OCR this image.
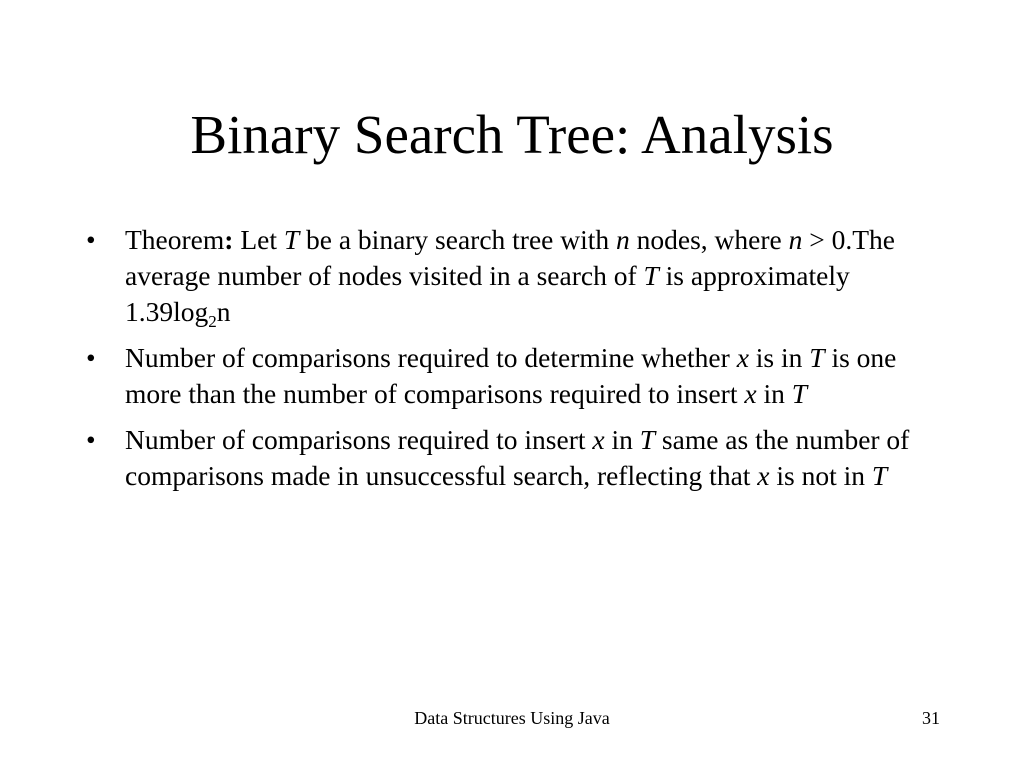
Binary Search Tree: Analysis
•	Theorem: Let T be a binary search tree with n nodes, where n > 0.The average number of nodes visited in a search of T is approximately $1.39\log_2n$
•	Number of comparisons required to determine whether x is in T is one more than the number of comparisons required to insert x in T
•	Number of comparisons required to insert x in T same as the number of comparisons made in unsuccessful search, reflecting that x is not in T
Data Structures Using Java	31
